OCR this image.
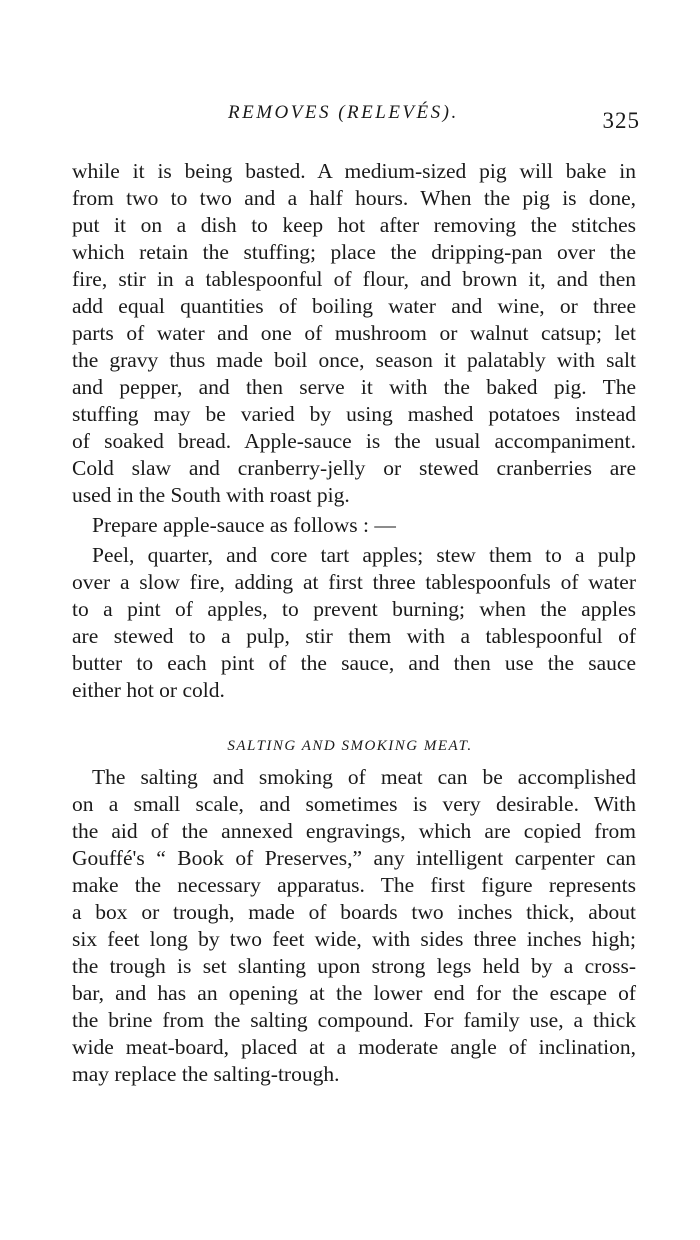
REMOVES (RELEVÉS).	325
while it is being basted. A medium-sized pig will bake in
from two to two and a half hours. When the pig is done,
put it on a dish to keep hot after removing the stitches
which retain the stuffing; place the dripping-pan over the
fire, stir in a tablespoonful of flour, and brown it, and then
add equal quantities of boiling water and wine, or three
parts of water and one of mushroom or walnut catsup; let
the gravy thus made boil once, season it palatably with salt
and pepper, and then serve it with the baked pig. The
stuffing may be varied by using mashed potatoes instead
of soaked bread. Apple-sauce is the usual accompaniment.
Cold slaw and cranberry-jelly or stewed cranberries are
used in the South with roast pig.
Prepare apple-sauce as follows : —
Peel, quarter, and core tart apples; stew them to a pulp
over a slow fire, adding at first three tablespoonfuls of water
to a pint of apples, to prevent burning; when the apples
are stewed to a pulp, stir them with a tablespoonful of
butter to each pint of the sauce, and then use the sauce
either hot or cold.
SALTING AND SMOKING MEAT.
The salting and smoking of meat can be accomplished
on a small scale, and sometimes is very desirable. With
the aid of the annexed engravings, which are copied from
Gouffé's “ Book of Preserves,” any intelligent carpenter can
make the necessary apparatus. The first figure represents
a box or trough, made of boards two inches thick, about
six feet long by two feet wide, with sides three inches high;
the trough is set slanting upon strong legs held by a cross-
bar, and has an opening at the lower end for the escape of
the brine from the salting compound. For family use, a thick
wide meat-board, placed at a moderate angle of inclination,
may replace the salting-trough.
